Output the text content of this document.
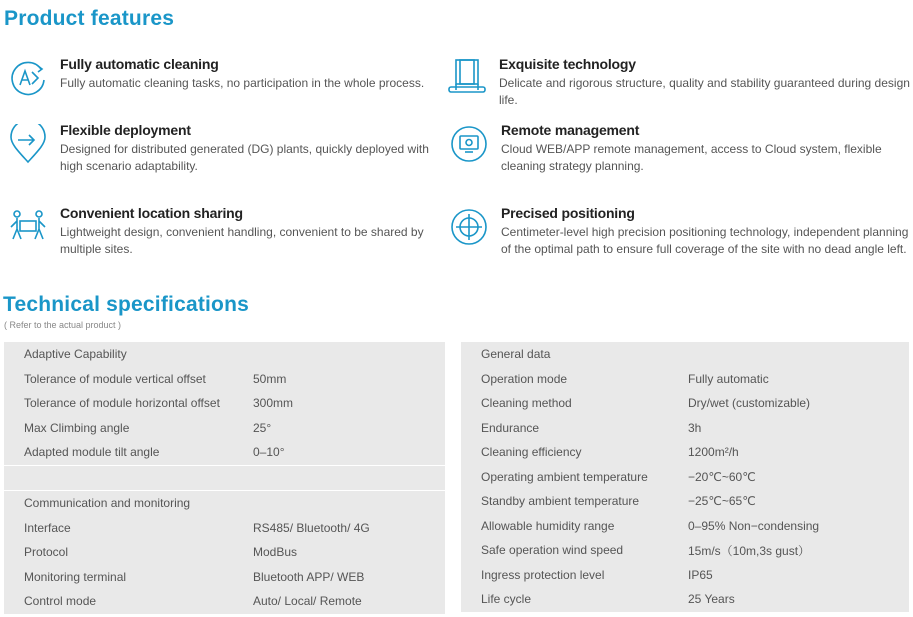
Product features
Fully automatic cleaning
Fully automatic cleaning tasks, no participation in the whole process.
Exquisite technology
Delicate and rigorous structure, quality and stability guaranteed during design life.
Flexible deployment
Designed for distributed generated (DG) plants, quickly deployed with high scenario adaptability.
Remote management
Cloud WEB/APP remote management, access to Cloud system, flexible cleaning strategy planning.
Convenient location sharing
Lightweight design, convenient handling, convenient to be shared by multiple sites.
Precised positioning
Centimeter-level high precision positioning technology, independent planning of the optimal path to ensure full coverage of the site with no dead angle left.
Technical specifications
( Refer to the actual product )
Adaptive Capability	
Tolerance of module vertical offset	50mm
Tolerance of module horizontal offset	300mm
Max Climbing angle	25°
Adapted module tilt angle	0–10°

Communication and monitoring	
Interface	RS485/ Bluetooth/ 4G
Protocol	ModBus
Monitoring terminal	Bluetooth APP/ WEB
Control mode	Auto/ Local/ Remote
General data	
Operation mode	Fully automatic
Cleaning method	Dry/wet (customizable)
Endurance	3h
Cleaning efficiency	1200m²/h
Operating ambient temperature	−20℃~60℃
Standby ambient temperature	−25℃~65℃
Allowable humidity range	0–95% Non−condensing
Safe operation wind speed	15m/s（10m,3s gust）
Ingress protection level	IP65
Life cycle	25 Years
